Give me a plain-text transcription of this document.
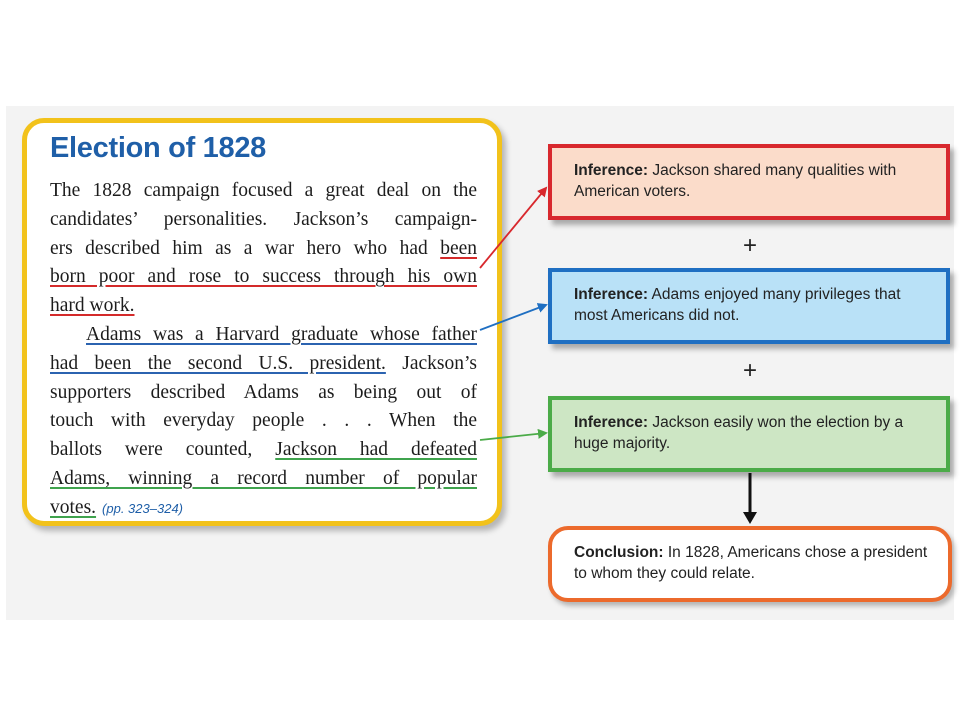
Election of 1828

The 1828 campaign focused a great deal on the
candidates’ personalities. Jackson’s campaign-
ers described him as a war hero who had been
born poor and rose to success through his own
hard work.
Adams was a Harvard graduate whose father
had been the second U.S. president. Jackson’s
supporters described Adams as being out of
touch with everyday people . . . When the
ballots were counted, Jackson had defeated
Adams, winning a record number of popular
votes. (pp. 323–324)

Inference: Jackson shared many qualities with American voters.
+
Inference: Adams enjoyed many privileges that most Americans did not.
+
Inference: Jackson easily won the election by a huge majority.
Conclusion: In 1828, Americans chose a president to whom they could relate.
